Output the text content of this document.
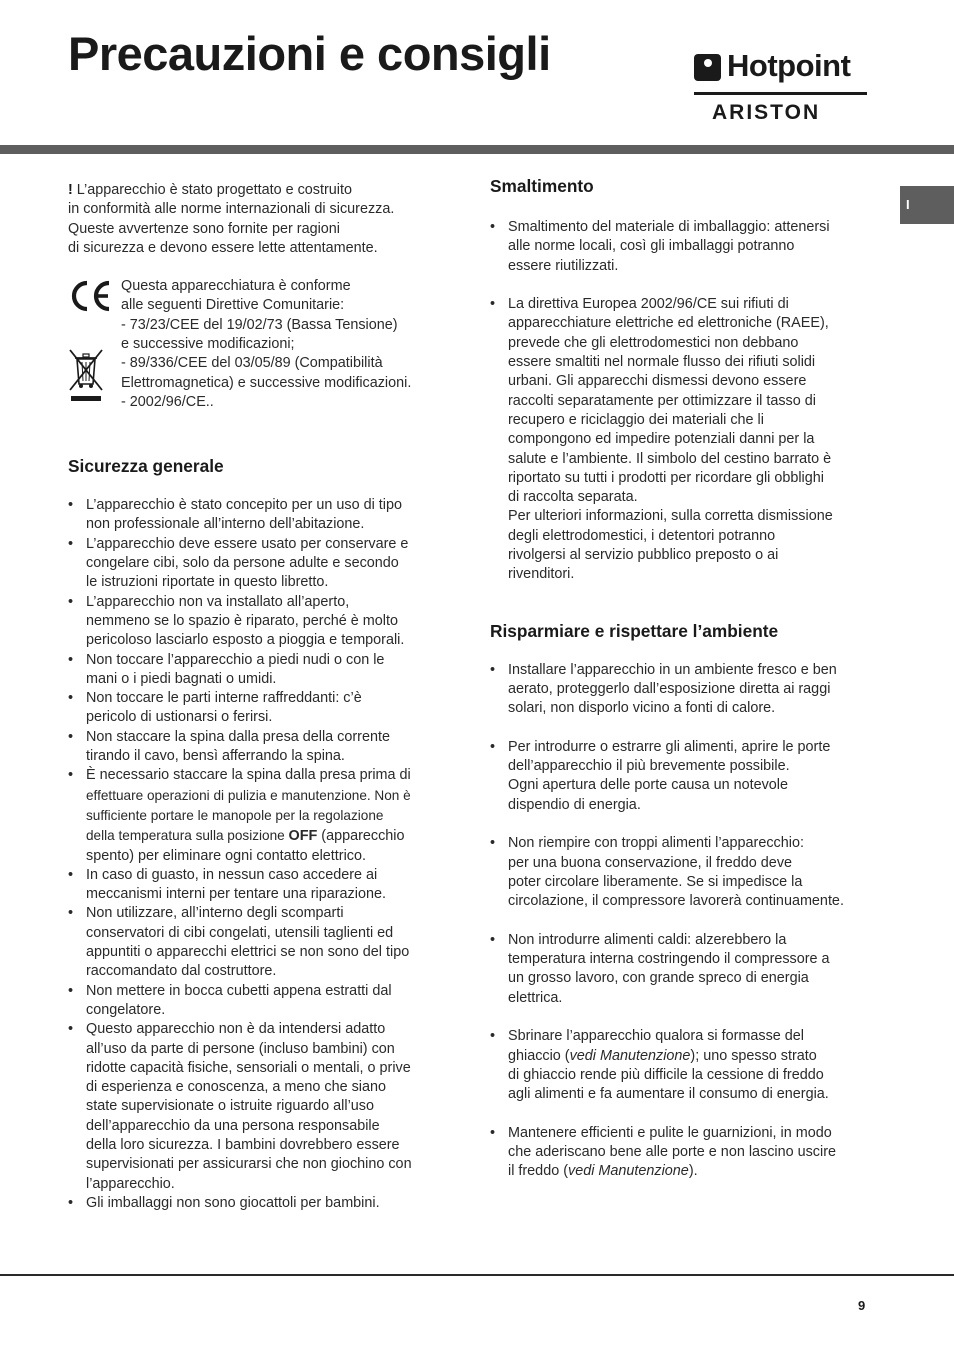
Precauzioni e consigli	Hotpoint
ARISTON
I

! L’apparecchio è stato progettato e costruito
in conformità alle norme internazionali di sicurezza.
Queste avvertenze sono fornite per ragioni
di sicurezza e devono essere lette attentamente.

Questa apparecchiatura è conforme
alle seguenti Direttive Comunitarie:
- 73/23/CEE del 19/02/73 (Bassa Tensione)
e successive modificazioni;
- 89/336/CEE del 03/05/89 (Compatibilità
Elettromagnetica) e successive modificazioni.
- 2002/96/CE..
Sicurezza generale
• L’apparecchio è stato concepito per un uso di tipo
non professionale all’interno dell’abitazione.
• L’apparecchio deve essere usato per conservare e
congelare cibi, solo da persone adulte e secondo
le istruzioni riportate in questo libretto.
• L’apparecchio non va installato all’aperto,
nemmeno se lo spazio è riparato, perché è molto
pericoloso lasciarlo esposto a pioggia e temporali.
• Non toccare l’apparecchio a piedi nudi o con le
mani o i piedi bagnati o umidi.
• Non toccare le parti interne raffreddanti: c’è
pericolo di ustionarsi o ferirsi.
• Non staccare la spina dalla presa della corrente
tirando il cavo, bensì afferrando la spina.
• È necessario staccare la spina dalla presa prima di
effettuare operazioni di pulizia e manutenzione. Non è
sufficiente portare le manopole per la regolazione
della temperatura sulla posizione OFF (apparecchio
spento) per eliminare ogni contatto elettrico.
• In caso di guasto, in nessun caso accedere ai
meccanismi interni per tentare una riparazione.
• Non utilizzare, all’interno degli scomparti
conservatori di cibi congelati, utensili taglienti ed
appuntiti o apparecchi elettrici se non sono del tipo
raccomandato dal costruttore.
• Non mettere in bocca cubetti appena estratti dal
congelatore.
• Questo apparecchio non è da intendersi adatto
all’uso da parte di persone (incluso bambini) con
ridotte capacità fisiche, sensoriali o mentali, o prive
di esperienza e conoscenza, a meno che siano
state supervisionate o istruite riguardo all’uso
dell’apparecchio da una persona responsabile
della loro sicurezza. I bambini dovrebbero essere
supervisionati per assicurarsi che non giochino con
l’apparecchio.
• Gli imballaggi non sono giocattoli per bambini.
Smaltimento
• Smaltimento del materiale di imballaggio: attenersi
alle norme locali, così gli imballaggi potranno
essere riutilizzati.
• La direttiva Europea 2002/96/CE sui rifiuti di
apparecchiature elettriche ed elettroniche (RAEE),
prevede che gli elettrodomestici non debbano
essere smaltiti nel normale flusso dei rifiuti solidi
urbani. Gli apparecchi dismessi devono essere
raccolti separatamente per ottimizzare il tasso di
recupero e riciclaggio dei materiali che li
compongono ed impedire potenziali danni per la
salute e l’ambiente. Il simbolo del cestino barrato è
riportato su tutti i prodotti per ricordare gli obblighi
di raccolta separata.
Per ulteriori informazioni, sulla corretta dismissione
degli elettrodomestici, i detentori potranno
rivolgersi al servizio pubblico preposto o ai
rivenditori.
Risparmiare e rispettare l’ambiente
• Installare l’apparecchio in un ambiente fresco e ben
aerato, proteggerlo dall’esposizione diretta ai raggi
solari, non disporlo vicino a fonti di calore.
• Per introdurre o estrarre gli alimenti, aprire le porte
dell’apparecchio il più brevemente possibile.
Ogni apertura delle porte causa un notevole
dispendio di energia.
• Non riempire con troppi alimenti l’apparecchio:
per una buona conservazione, il freddo deve
poter circolare liberamente. Se si impedisce la
circolazione, il compressore lavorerà continuamente.
• Non introdurre alimenti caldi: alzerebbero la
temperatura interna costringendo il compressore a
un grosso lavoro, con grande spreco di energia
elettrica.
• Sbrinare l’apparecchio qualora si formasse del
ghiaccio (vedi Manutenzione); uno spesso strato
di ghiaccio rende più difficile la cessione di freddo
agli alimenti e fa aumentare il consumo di energia.
• Mantenere efficienti e pulite le guarnizioni, in modo
che aderiscano bene alle porte e non lascino uscire
il freddo (vedi Manutenzione).
9
